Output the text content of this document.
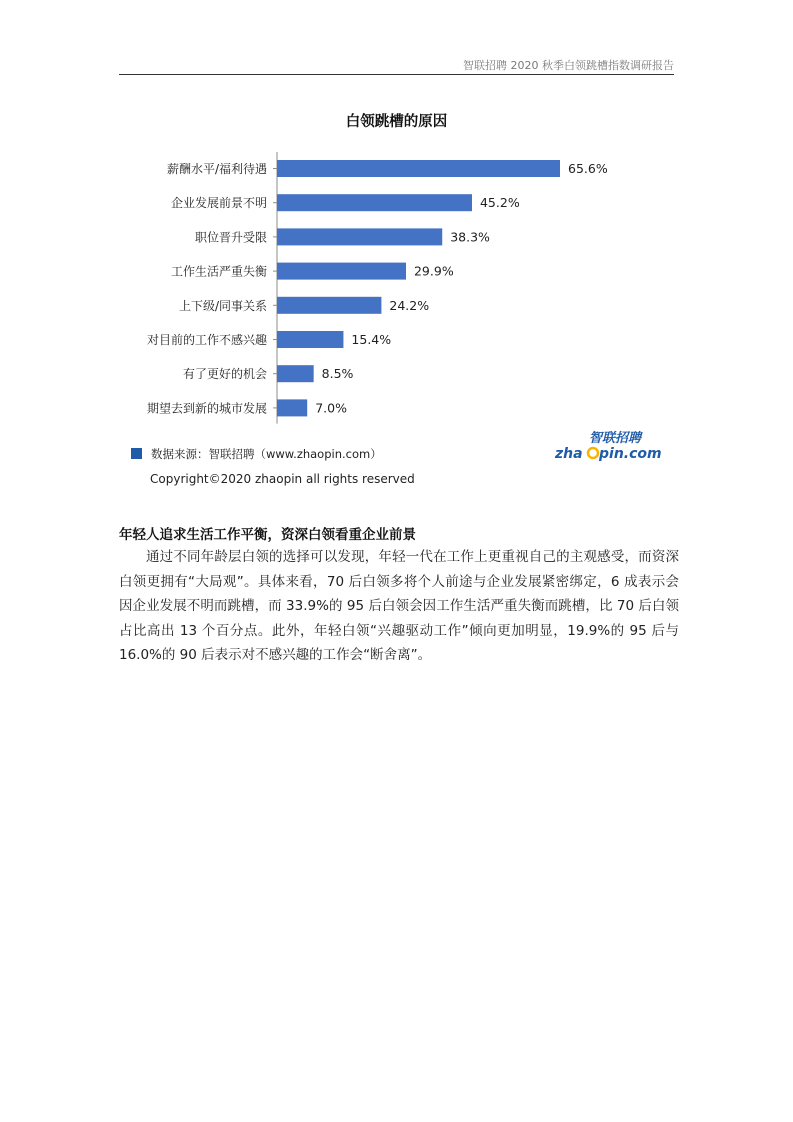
智联招聘 2020 秋季白领跳槽指数调研报告
白领跳槽的原因
薪酬水平/福利待遇	65.6%
企业发展前景不明	45.2%
职位晋升受限	38.3%
工作生活严重失衡	29.9%
上下级/同事关系	24.2%
对目前的工作不感兴趣	15.4%
有了更好的机会	8.5%
期望去到新的城市发展	7.0%
数据来源：智联招聘（www.zhaopin.com）
智联招聘
zha pin.com
Copyright©2020 zhaopin all rights reserved
年轻人追求生活工作平衡，资深白领看重企业前景

通过不同年龄层白领的选择可以发现，年轻一代在工作上更重视自己的主观感受，而资深白领更拥有“大局观”。具体来看，70 后白领多将个人前途与企业发展紧密绑定，6 成表示会因企业发展不明而跳槽，而 33.9%的 95 后白领会因工作生活严重失衡而跳槽，比 70 后白领占比高出 13 个百分点。此外，年轻白领“兴趣驱动工作”倾向更加明显，19.9%的 95 后与 16.0%的 90 后表示对不感兴趣的工作会“断舍离”。
